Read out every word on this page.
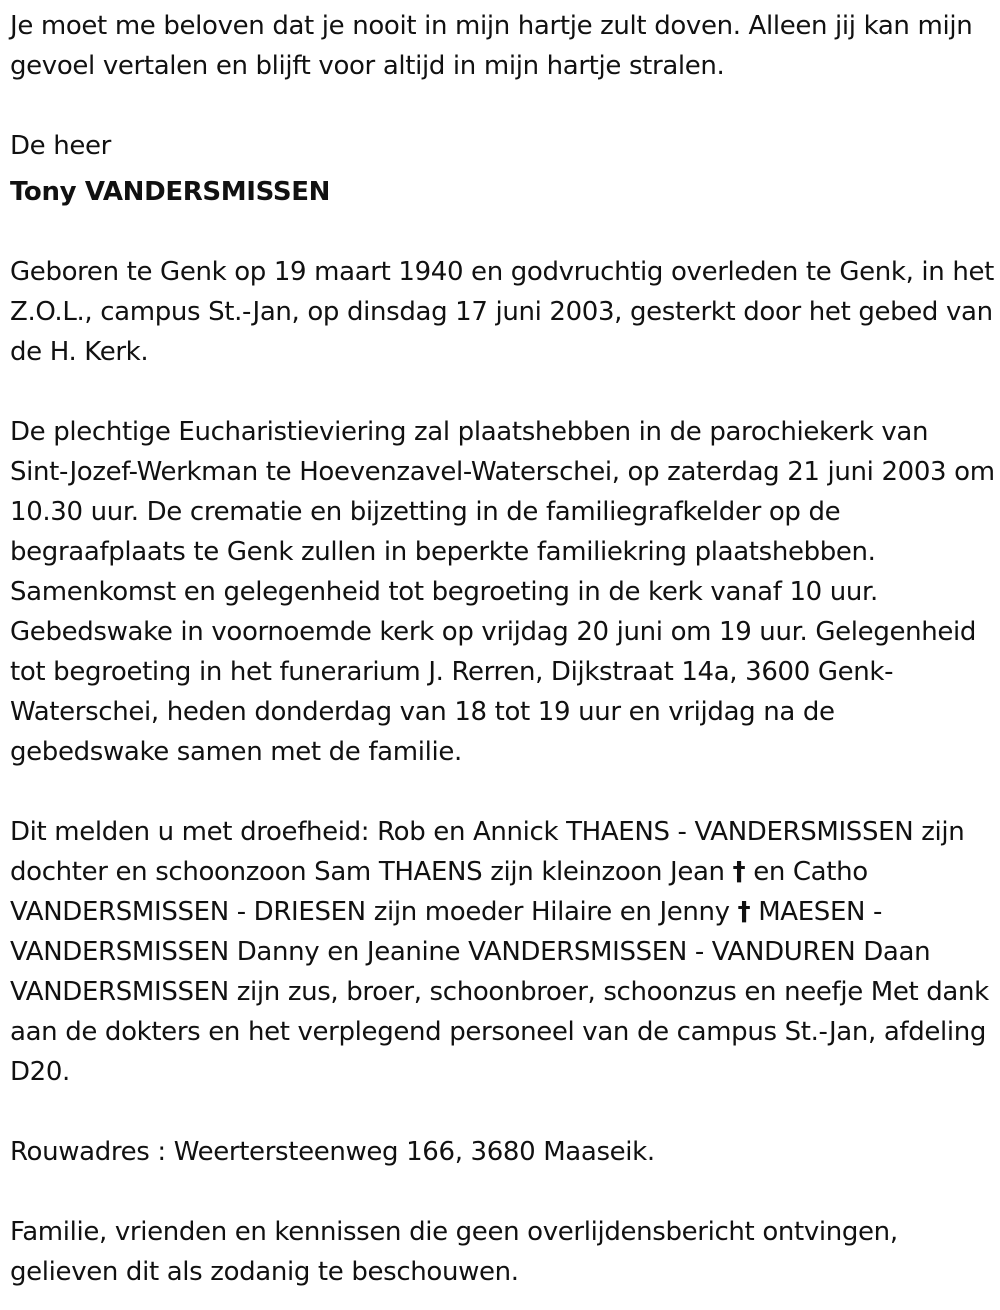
Je moet me beloven dat je nooit in mijn hartje zult doven. Alleen jij kan mijn gevoel vertalen en blijft voor altijd in mijn hartje stralen.

De heer

Tony VANDERSMISSEN

Geboren te Genk op 19 maart 1940 en godvruchtig overleden te Genk, in het Z.O.L., campus St.-Jan, op dinsdag 17 juni 2003, gesterkt door het gebed van de H. Kerk.

De plechtige Eucharistieviering zal plaatshebben in de parochiekerk van Sint-Jozef-Werkman te Hoevenzavel-Waterschei, op zaterdag 21 juni 2003 om 10.30 uur. De crematie en bijzetting in de familiegrafkelder op de begraafplaats te Genk zullen in beperkte familiekring plaatshebben. Samenkomst en gelegenheid tot begroeting in de kerk vanaf 10 uur. Gebedswake in voornoemde kerk op vrijdag 20 juni om 19 uur. Gelegenheid tot begroeting in het funerarium J. Rerren, Dijkstraat 14a, 3600 Genk-Waterschei, heden donderdag van 18 tot 19 uur en vrijdag na de gebedswake samen met de familie.

Dit melden u met droefheid: Rob en Annick THAENS - VANDERSMISSEN zijn dochter en schoonzoon Sam THAENS zijn kleinzoon Jean † en Catho VANDERSMISSEN - DRIESEN zijn moeder Hilaire en Jenny † MAESEN - VANDERSMISSEN Danny en Jeanine VANDERSMISSEN - VANDUREN Daan VANDERSMISSEN zijn zus, broer, schoonbroer, schoonzus en neefje Met dank aan de dokters en het verplegend personeel van de campus St.-Jan, afdeling D20.

Rouwadres : Weertersteenweg 166, 3680 Maaseik.

Familie, vrienden en kennissen die geen overlijdensbericht ontvingen, gelieven dit als zodanig te beschouwen.
